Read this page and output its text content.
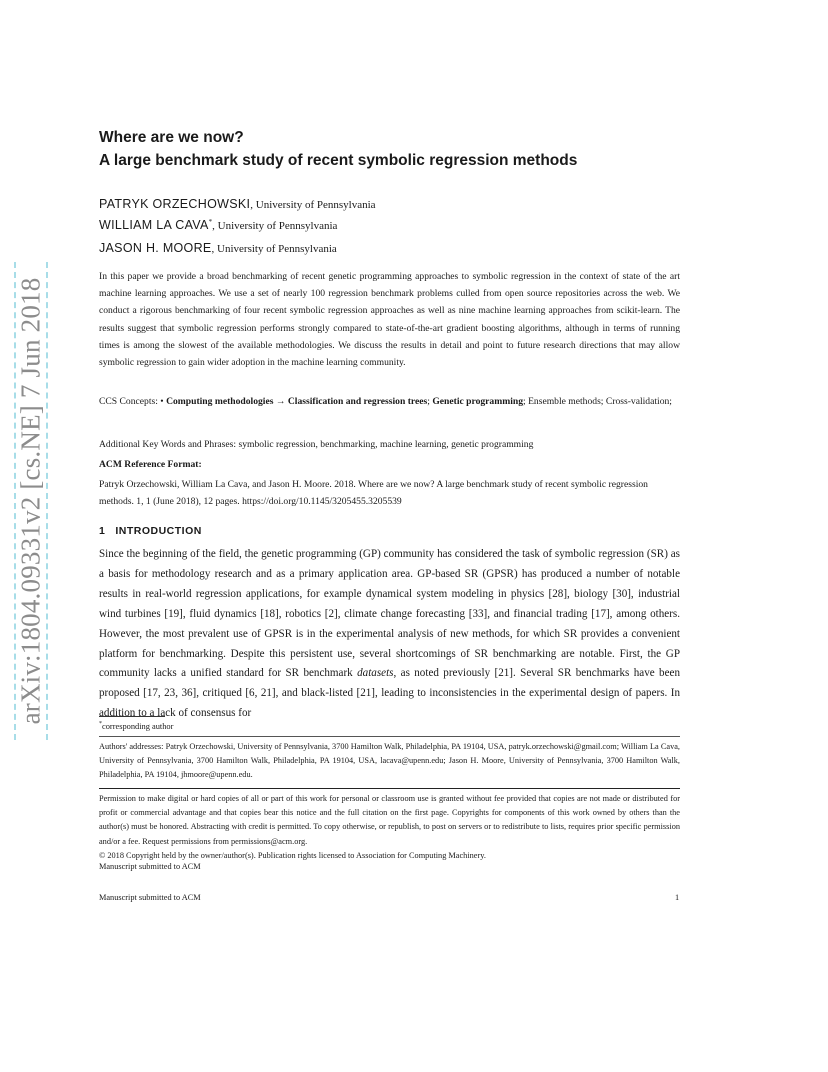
arXiv:1804.09331v2 [cs.NE] 7 Jun 2018
Where are we now?
A large benchmark study of recent symbolic regression methods
PATRYK ORZECHOWSKI, University of Pennsylvania
WILLIAM LA CAVA*, University of Pennsylvania
JASON H. MOORE, University of Pennsylvania
In this paper we provide a broad benchmarking of recent genetic programming approaches to symbolic regression in the context of state of the art machine learning approaches. We use a set of nearly 100 regression benchmark problems culled from open source repositories across the web. We conduct a rigorous benchmarking of four recent symbolic regression approaches as well as nine machine learning approaches from scikit-learn. The results suggest that symbolic regression performs strongly compared to state-of-the-art gradient boosting algorithms, although in terms of running times is among the slowest of the available methodologies. We discuss the results in detail and point to future research directions that may allow symbolic regression to gain wider adoption in the machine learning community.
CCS Concepts: • Computing methodologies → Classification and regression trees; Genetic programming; Ensemble methods; Cross-validation;
Additional Key Words and Phrases: symbolic regression, benchmarking, machine learning, genetic programming
ACM Reference Format:
Patryk Orzechowski, William La Cava, and Jason H. Moore. 2018. Where are we now? A large benchmark study of recent symbolic regression methods. 1, 1 (June 2018), 12 pages. https://doi.org/10.1145/3205455.3205539
1 INTRODUCTION
Since the beginning of the field, the genetic programming (GP) community has considered the task of symbolic regression (SR) as a basis for methodology research and as a primary application area. GP-based SR (GPSR) has produced a number of notable results in real-world regression applications, for example dynamical system modeling in physics [28], biology [30], industrial wind turbines [19], fluid dynamics [18], robotics [2], climate change forecasting [33], and financial trading [17], among others. However, the most prevalent use of GPSR is in the experimental analysis of new methods, for which SR provides a convenient platform for benchmarking. Despite this persistent use, several shortcomings of SR benchmarking are notable. First, the GP community lacks a unified standard for SR benchmark datasets, as noted previously [21]. Several SR benchmarks have been proposed [17, 23, 36], critiqued [6, 21], and black-listed [21], leading to inconsistencies in the experimental design of papers. In addition to a lack of consensus for
*corresponding author
Authors' addresses: Patryk Orzechowski, University of Pennsylvania, 3700 Hamilton Walk, Philadelphia, PA 19104, USA, patryk.orzechowski@gmail.com; William La Cava, University of Pennsylvania, 3700 Hamilton Walk, Philadelphia, PA 19104, USA, lacava@upenn.edu; Jason H. Moore, University of Pennsylvania, 3700 Hamilton Walk, Philadelphia, PA 19104, jhmoore@upenn.edu.
Permission to make digital or hard copies of all or part of this work for personal or classroom use is granted without fee provided that copies are not made or distributed for profit or commercial advantage and that copies bear this notice and the full citation on the first page. Copyrights for components of this work owned by others than the author(s) must be honored. Abstracting with credit is permitted. To copy otherwise, or republish, to post on servers or to redistribute to lists, requires prior specific permission and/or a fee. Request permissions from permissions@acm.org.
© 2018 Copyright held by the owner/author(s). Publication rights licensed to Association for Computing Machinery.
Manuscript submitted to ACM
Manuscript submitted to ACM	1
